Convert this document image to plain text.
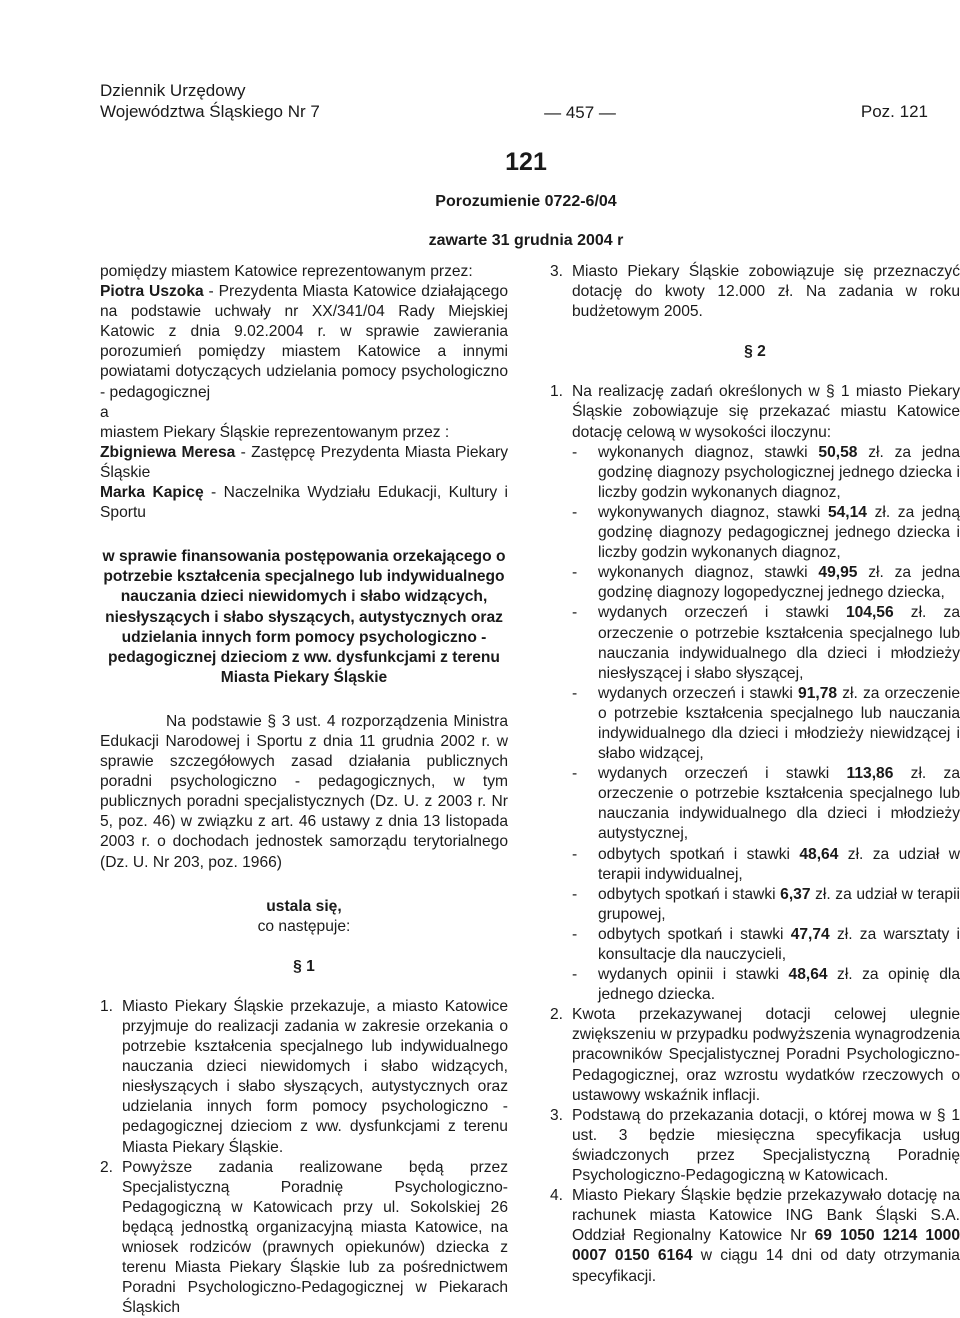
Dziennik Urzędowy
Województwa Śląskiego Nr 7	— 457 —	Poz. 121
121
Porozumienie 0722-6/04
zawarte 31 grudnia 2004 r

pomiędzy miastem Katowice reprezentowanym przez:

Piotra Uszoka - Prezydenta Miasta Katowice działającego na podstawie uchwały nr XX/341/04 Rady Miejskiej Katowic z dnia 9.02.2004 r. w sprawie zawierania porozumień pomiędzy miastem Katowice a innymi powiatami dotyczących udzielania pomocy psychologiczno - pedagogicznej

a

miastem Piekary Śląskie reprezentowanym przez :

Zbigniewa Meresa - Zastępcę Prezydenta Miasta Piekary Śląskie

Marka Kapicę - Naczelnika Wydziału Edukacji, Kultury i Sportu

w sprawie finansowania postępowania orzekającego o potrzebie kształcenia specjalnego lub indywidualnego nauczania dzieci niewidomych i słabo widzących, niesłyszących i słabo słyszących, autystycznych oraz udzielania innych form pomocy psychologiczno -pedagogicznej dzieciom z ww. dysfunkcjami z terenu Miasta Piekary Śląskie

Na podstawie § 3 ust. 4 rozporządzenia Ministra Edukacji Narodowej i Sportu z dnia 11 grudnia 2002 r. w sprawie szczegółowych zasad działania publicznych poradni psychologiczno - pedagogicznych, w tym publicznych poradni specjalistycznych (Dz. U. z 2003 r. Nr 5, poz. 46) w związku z art. 46 ustawy z dnia 13 listopada 2003 r. o dochodach jednostek samorządu terytorialnego (Dz. U. Nr 203, poz. 1966)

ustala się,

co następuje:

§ 1

1. Miasto Piekary Śląskie przekazuje, a miasto Katowice przyjmuje do realizacji zadania w zakresie orzekania o potrzebie kształcenia specjalnego lub indywidualnego nauczania dzieci niewidomych i słabo widzących, niesłyszących i słabo słyszących, autystycznych oraz udzielania innych form pomocy psychologiczno - pedagogicznej dzieciom z ww. dysfunkcjami z terenu Miasta Piekary Śląskie.
2. Powyższe zadania realizowane będą przez Specjalistyczną Poradnię Psychologiczno-Pedagogiczną w Katowicach przy ul. Sokolskiej 26 będącą jednostką organizacyjną miasta Katowice, na wniosek rodziców (prawnych opiekunów) dziecka z terenu Miasta Piekary Śląskie lub za pośrednictwem Poradni Psychologiczno-Pedagogicznej w Piekarach Śląskich
3. Miasto Piekary Śląskie zobowiązuje się przeznaczyć dotację do kwoty 12.000 zł. Na zadania w roku budżetowym 2005.

§ 2

1. Na realizację zadań określonych w § 1 miasto Piekary Śląskie zobowiązuje się przekazać miastu Katowice dotację celową w wysokości iloczynu:
-	wykonanych diagnoz, stawki 50,58 zł. za jedna godzinę diagnozy psychologicznej jednego dziecka i liczby godzin wykonanych diagnoz,
-	wykonywanych diagnoz, stawki 54,14 zł. za jedną godzinę diagnozy pedagogicznej jednego dziecka i liczby godzin wykonanych diagnoz,
-	wykonanych diagnoz, stawki 49,95 zł. za jedna godzinę diagnozy logopedycznej jednego dziecka,
-	wydanych orzeczeń i stawki 104,56 zł. za orzeczenie o potrzebie kształcenia specjalnego lub nauczania indywidualnego dla dzieci i młodzieży niesłyszącej i słabo słyszącej,
-	wydanych orzeczeń i stawki 91,78 zł. za orzeczenie o potrzebie kształcenia specjalnego lub nauczania indywidualnego dla dzieci i młodzieży niewidzącej i słabo widzącej,
-	wydanych orzeczeń i stawki 113,86 zł. za orzeczenie o potrzebie kształcenia specjalnego lub nauczania indywidualnego dla dzieci i młodzieży autystycznej,
-	odbytych spotkań i stawki 48,64 zł. za udział w terapii indywidualnej,
-	odbytych spotkań i stawki 6,37 zł. za udział w terapii grupowej,
-	odbytych spotkań i stawki 47,74 zł. za warsztaty i konsultacje dla nauczycieli,
-	wydanych opinii i stawki 48,64 zł. za opinię dla jednego dziecka.
2. Kwota przekazywanej dotacji celowej ulegnie zwiększeniu w przypadku podwyższenia wynagrodzenia pracowników Specjalistycznej Poradni Psychologiczno- Pedagogicznej, oraz wzrostu wydatków rzeczowych o ustawowy wskaźnik inflacji.
3. Podstawą do przekazania dotacji, o której mowa w § 1 ust. 3 będzie miesięczna specyfikacja usług świadczonych przez Specjalistyczną Poradnię Psychologiczno-Pedagogiczną w Katowicach.
4. Miasto Piekary Śląskie będzie przekazywało dotację na rachunek miasta Katowice ING Bank Śląski S.A. Oddział Regionalny Katowice Nr 69 1050 1214 1000 0007 0150 6164 w ciągu 14 dni od daty otrzymania specyfikacji.
